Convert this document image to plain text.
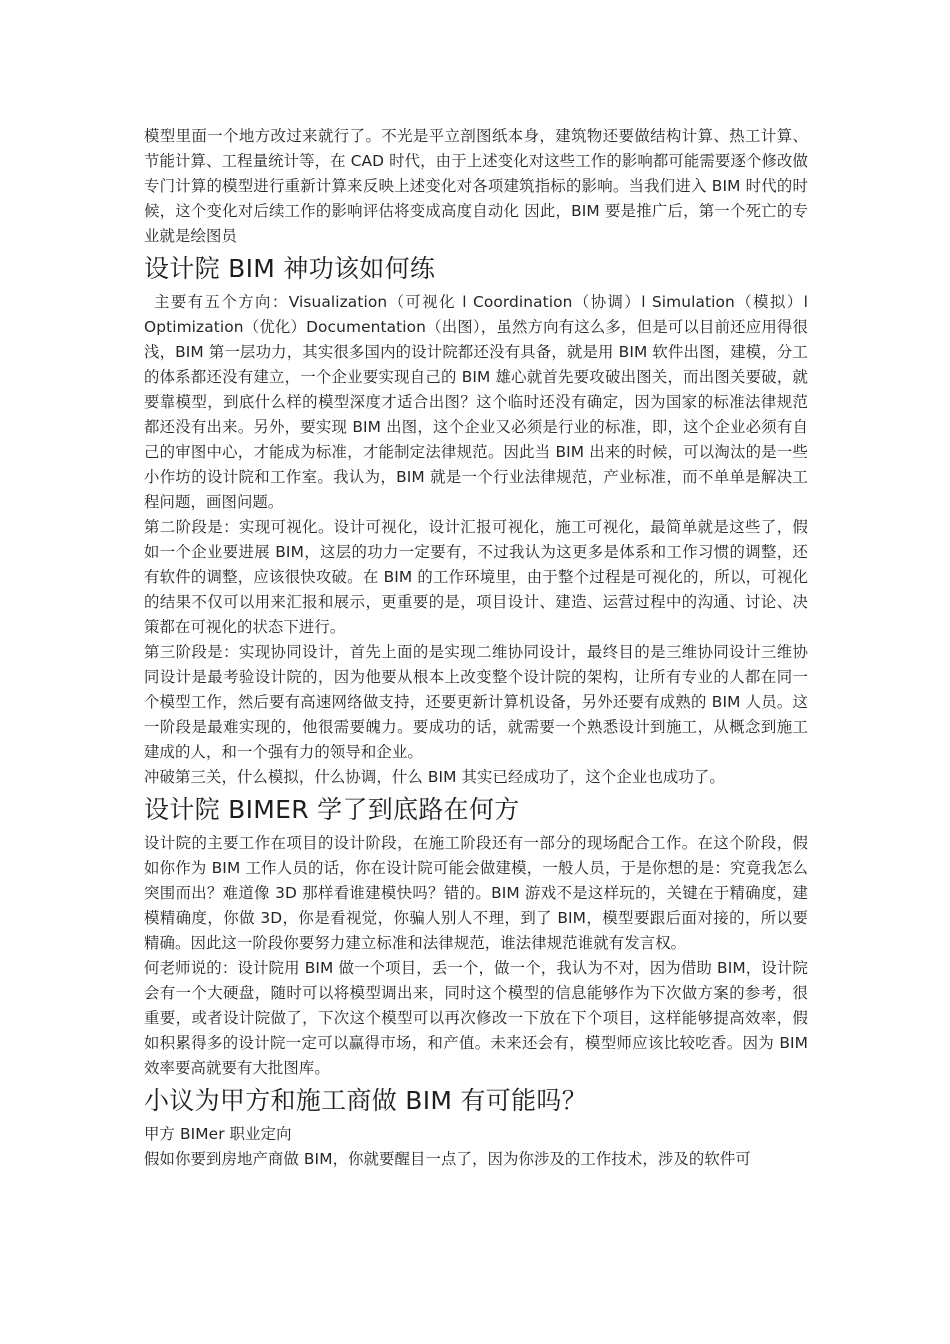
模型里面一个地方改过来就行了。不光是平立剖图纸本身，建筑物还要做结构计算、热工计算、节能计算、工程量统计等，在 CAD 时代，由于上述变化对这些工作的影响都可能需要逐个修改做专门计算的模型进行重新计算来反映上述变化对各项建筑指标的影响。当我们进入 BIM 时代的时候，这个变化对后续工作的影响评估将变成高度自动化 因此，BIM 要是推广后，第一个死亡的专业就是绘图员

设计院 BIM 神功该如何练

主要有五个方向：Visualization（可视化 l Coordination（协调）l Simulation（模拟）l Optimization（优化）Documentation（出图），虽然方向有这么多，但是可以目前还应用得很浅，BIM 第一层功力，其实很多国内的设计院都还没有具备，就是用 BIM 软件出图，建模，分工的体系都还没有建立，一个企业要实现自己的 BIM 雄心就首先要攻破出图关，而出图关要破，就要靠模型，到底什么样的模型深度才适合出图？这个临时还没有确定，因为国家的标准法律规范都还没有出来。另外，要实现 BIM 出图，这个企业又必须是行业的标准，即，这个企业必须有自己的审图中心，才能成为标准，才能制定法律规范。因此当 BIM 出来的时候，可以淘汰的是一些小作坊的设计院和工作室。我认为，BIM 就是一个行业法律规范，产业标准，而不单单是解决工程问题，画图问题。

第二阶段是：实现可视化。设计可视化，设计汇报可视化，施工可视化，最简单就是这些了，假如一个企业要进展 BIM，这层的功力一定要有，不过我认为这更多是体系和工作习惯的调整，还有软件的调整，应该很快攻破。在 BIM 的工作环境里，由于整个过程是可视化的，所以，可视化的结果不仅可以用来汇报和展示，更重要的是，项目设计、建造、运营过程中的沟通、讨论、决策都在可视化的状态下进行。

第三阶段是：实现协同设计，首先上面的是实现二维协同设计，最终目的是三维协同设计三维协同设计是最考验设计院的，因为他要从根本上改变整个设计院的架构，让所有专业的人都在同一个模型工作，然后要有高速网络做支持，还要更新计算机设备，另外还要有成熟的 BIM 人员。这一阶段是最难实现的，他很需要魄力。要成功的话，就需要一个熟悉设计到施工，从概念到施工建成的人，和一个强有力的领导和企业。

冲破第三关，什么模拟，什么协调，什么 BIM 其实已经成功了，这个企业也成功了。

设计院 BIMER 学了到底路在何方

设计院的主要工作在项目的设计阶段，在施工阶段还有一部分的现场配合工作。在这个阶段，假如你作为 BIM 工作人员的话，你在设计院可能会做建模，一般人员，于是你想的是：究竟我怎么突围而出？难道像 3D 那样看谁建模快吗？错的。BIM 游戏不是这样玩的，关键在于精确度，建模精确度，你做 3D，你是看视觉，你骗人别人不理，到了 BIM，模型要跟后面对接的，所以要精确。因此这一阶段你要努力建立标准和法律规范，谁法律规范谁就有发言权。

何老师说的：设计院用 BIM 做一个项目，丢一个，做一个，我认为不对，因为借助 BIM，设计院会有一个大硬盘，随时可以将模型调出来，同时这个模型的信息能够作为下次做方案的参考，很重要，或者设计院做了，下次这个模型可以再次修改一下放在下个项目，这样能够提高效率，假如积累得多的设计院一定可以赢得市场，和产值。未来还会有，模型师应该比较吃香。因为 BIM 效率要高就要有大批图库。

小议为甲方和施工商做 BIM 有可能吗？

甲方 BIMer 职业定向

假如你要到房地产商做 BIM，你就要醒目一点了，因为你涉及的工作技术，涉及的软件可
